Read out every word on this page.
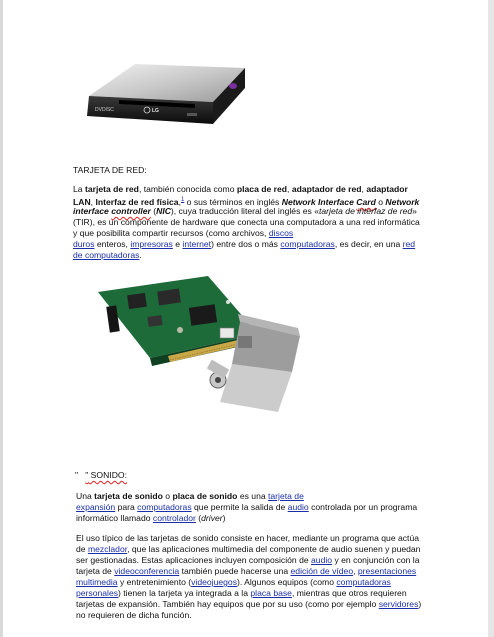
DVDISC	LG
TARJETA DE RED:
La tarjeta de red, también conocida como placa de red, adaptador de red, adaptador
LAN, Interfaz de red física,$^1$ o sus términos en inglés Network Interface Card o Network
interface controller (NIC), cuya traducción literal del inglés es «tarjeta de interfaz de red»
(TIR), es un componente de hardware que conecta una computadora a una red informática
y que posibilita compartir recursos (como archivos, discos
duros enteros, impresoras e internet) entre dos o más computadoras, es decir, en una red
de computadoras.
" " SONIDO:
Una tarjeta de sonido o placa de sonido es una tarjeta de
expansión para computadoras que permite la salida de audio controlada por un programa
informático llamado controlador (driver)
El uso típico de las tarjetas de sonido consiste en hacer, mediante un programa que actúa
de mezclador, que las aplicaciones multimedia del componente de audio suenen y puedan
ser gestionadas. Estas aplicaciones incluyen composición de audio y en conjunción con la
tarjeta de videoconferencia también puede hacerse una edición de vídeo, presentaciones
multimedia y entretenimiento (videojuegos). Algunos equipos (como computadoras
personales) tienen la tarjeta ya integrada a la placa base, mientras que otros requieren
tarjetas de expansión. También hay equipos que por su uso (como por ejemplo servidores)
no requieren de dicha función.
